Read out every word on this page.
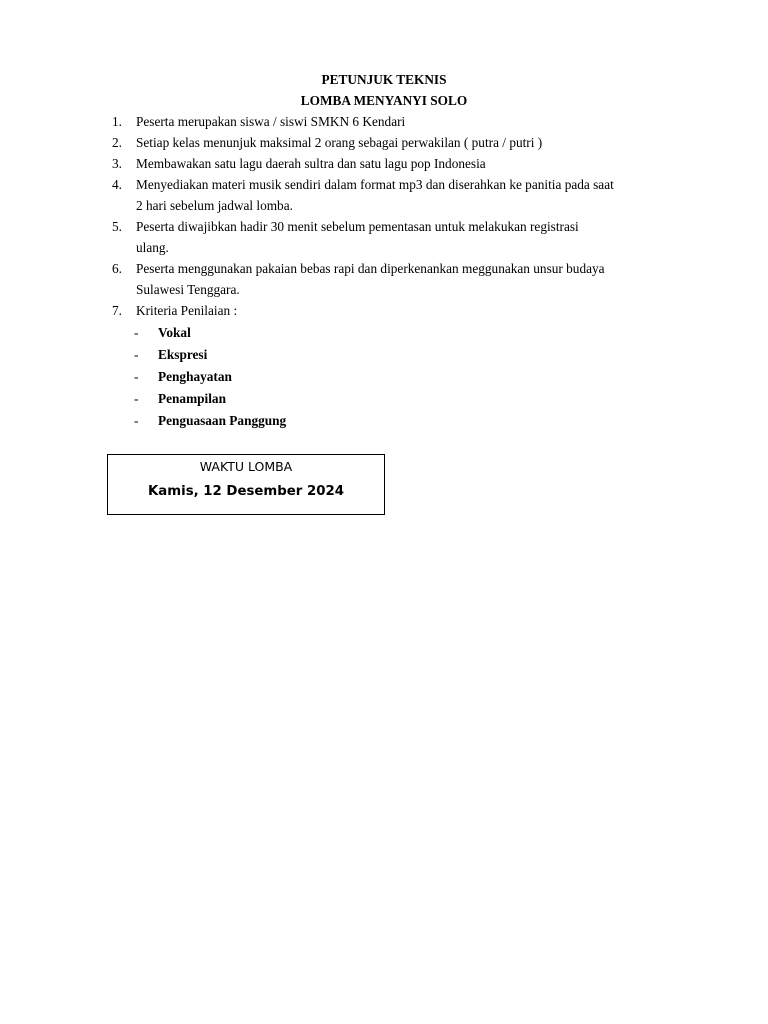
PETUNJUK TEKNIS
LOMBA MENYANYI SOLO
1.	Peserta merupakan siswa / siswi SMKN 6 Kendari
2.	Setiap kelas menunjuk maksimal 2 orang sebagai perwakilan ( putra / putri )
3.	Membawakan satu lagu daerah sultra dan satu lagu pop Indonesia
4.	Menyediakan materi musik sendiri dalam format mp3 dan diserahkan ke panitia pada saat
2 hari sebelum jadwal lomba.
5.	Peserta diwajibkan hadir 30 menit sebelum pementasan untuk melakukan registrasi
ulang.
6.	Peserta menggunakan pakaian bebas rapi dan diperkenankan meggunakan unsur budaya
Sulawesi Tenggara.
7.	Kriteria Penilaian :
- Vokal
- Ekspresi
- Penghayatan
- Penampilan
- Penguasaan Panggung
WAKTU LOMBA
Kamis, 12 Desember 2024
